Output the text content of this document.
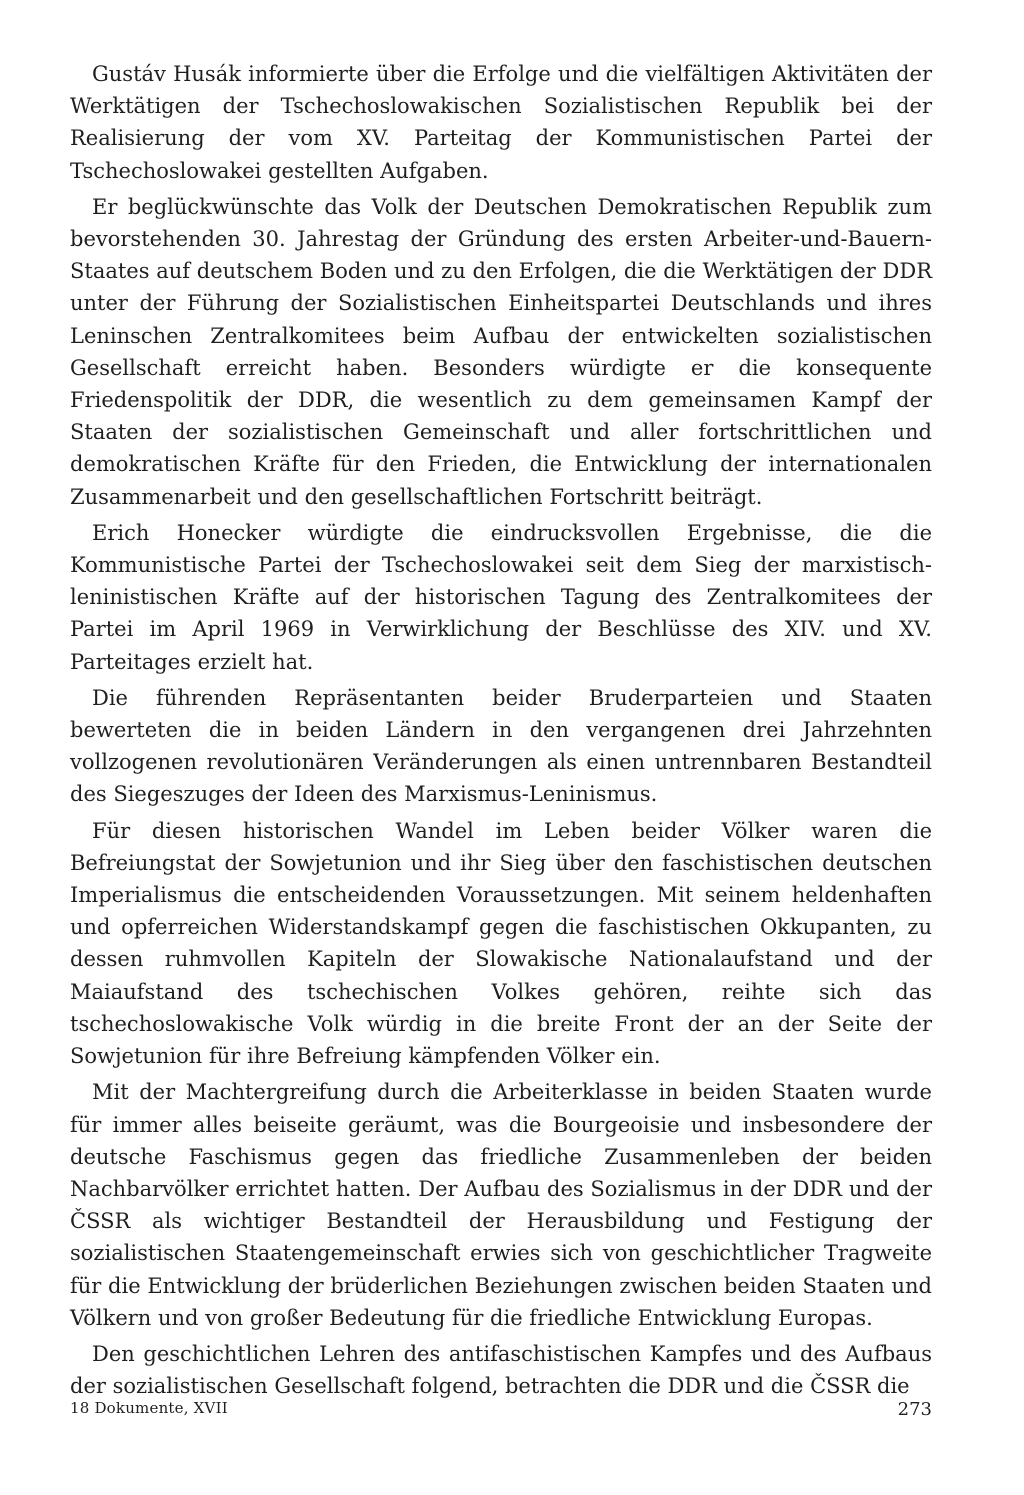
Gustáv Husák informierte über die Erfolge und die vielfältigen Aktivitäten der Werktätigen der Tschechoslowakischen Sozialistischen Republik bei der Realisierung der vom XV. Parteitag der Kommunistischen Partei der Tschechoslowakei gestellten Aufgaben.

Er beglückwünschte das Volk der Deutschen Demokratischen Republik zum bevorstehenden 30. Jahrestag der Gründung des ersten Arbeiter-und-Bauern-Staates auf deutschem Boden und zu den Erfolgen, die die Werktätigen der DDR unter der Führung der Sozialistischen Einheitspartei Deutschlands und ihres Leninschen Zentralkomitees beim Aufbau der entwickelten sozialistischen Gesellschaft erreicht haben. Besonders würdigte er die konsequente Friedenspolitik der DDR, die wesentlich zu dem gemeinsamen Kampf der Staaten der sozialistischen Gemeinschaft und aller fortschrittlichen und demokratischen Kräfte für den Frieden, die Entwicklung der internationalen Zusammenarbeit und den gesellschaftlichen Fortschritt beiträgt.

Erich Honecker würdigte die eindrucksvollen Ergebnisse, die die Kommunistische Partei der Tschechoslowakei seit dem Sieg der marxistisch-leninistischen Kräfte auf der historischen Tagung des Zentralkomitees der Partei im April 1969 in Verwirklichung der Beschlüsse des XIV. und XV. Parteitages erzielt hat.

Die führenden Repräsentanten beider Bruderparteien und Staaten bewerteten die in beiden Ländern in den vergangenen drei Jahrzehnten vollzogenen revolutionären Veränderungen als einen untrennbaren Bestandteil des Siegeszuges der Ideen des Marxismus-Leninismus.

Für diesen historischen Wandel im Leben beider Völker waren die Befreiungstat der Sowjetunion und ihr Sieg über den faschistischen deutschen Imperialismus die entscheidenden Voraussetzungen. Mit seinem heldenhaften und opferreichen Widerstandskampf gegen die faschistischen Okkupanten, zu dessen ruhmvollen Kapiteln der Slowakische Nationalaufstand und der Maiaufstand des tschechischen Volkes gehören, reihte sich das tschechoslowakische Volk würdig in die breite Front der an der Seite der Sowjetunion für ihre Befreiung kämpfenden Völker ein.

Mit der Machtergreifung durch die Arbeiterklasse in beiden Staaten wurde für immer alles beiseite geräumt, was die Bourgeoisie und insbesondere der deutsche Faschismus gegen das friedliche Zusammenleben der beiden Nachbarvölker errichtet hatten. Der Aufbau des Sozialismus in der DDR und der ČSSR als wichtiger Bestandteil der Herausbildung und Festigung der sozialistischen Staatengemeinschaft erwies sich von geschichtlicher Tragweite für die Entwicklung der brüderlichen Beziehungen zwischen beiden Staaten und Völkern und von großer Bedeutung für die friedliche Entwicklung Europas.

Den geschichtlichen Lehren des antifaschistischen Kampfes und des Aufbaus der sozialistischen Gesellschaft folgend, betrachten die DDR und die ČSSR die

18 Dokumente, XVII	273
